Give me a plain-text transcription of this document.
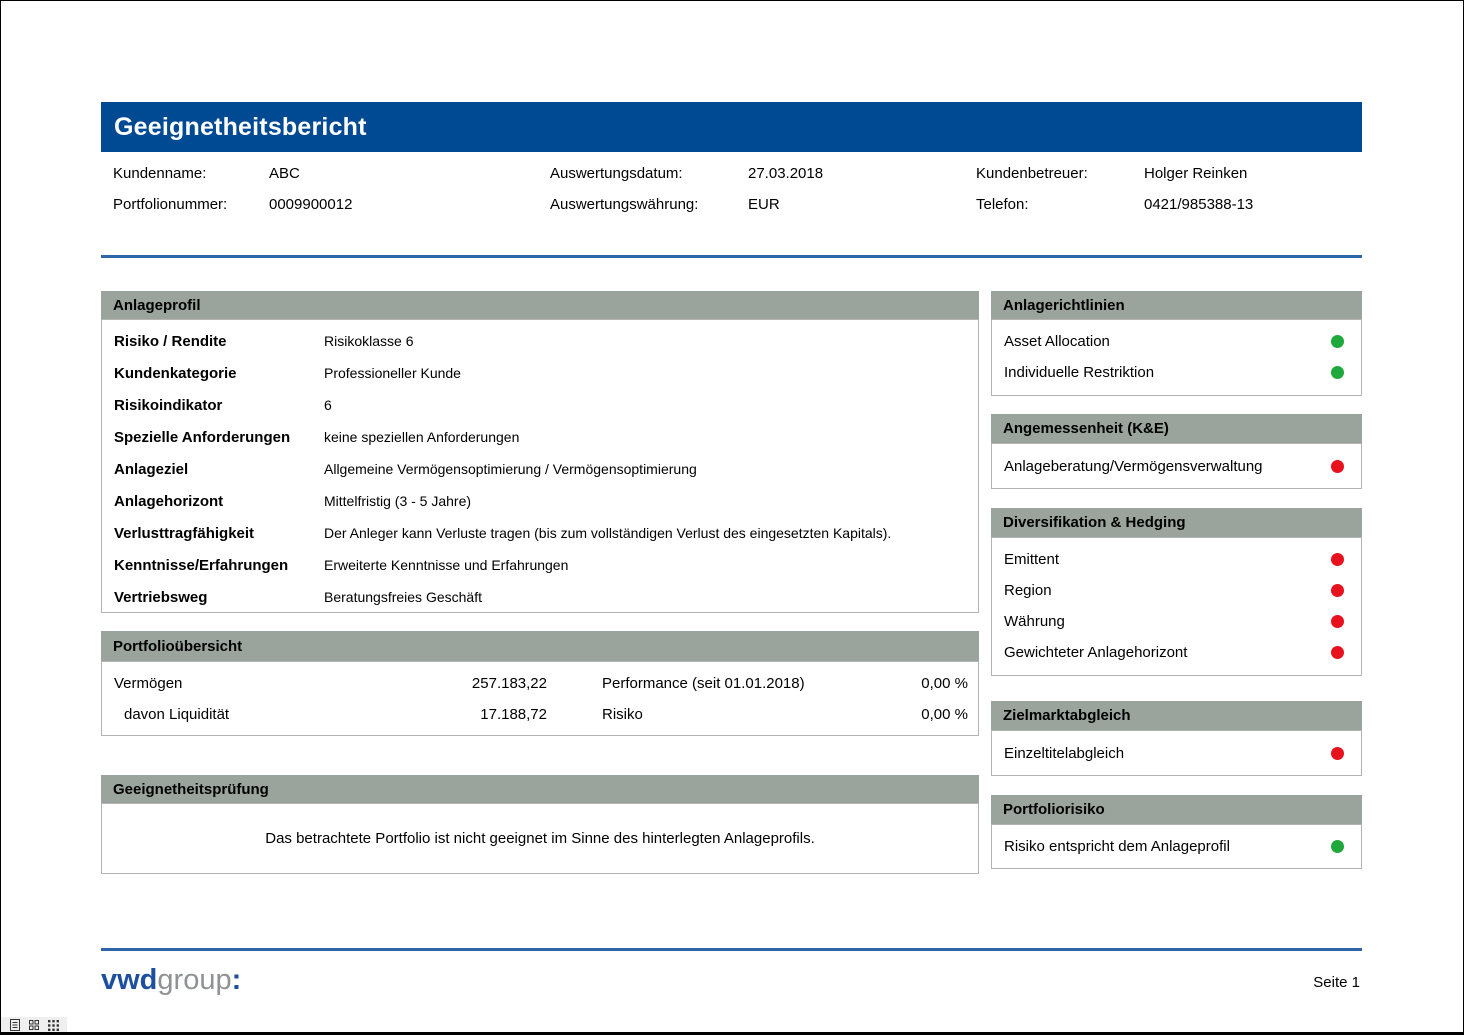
Geeignetheitsbericht
Kundenname:	ABC	Auswertungsdatum:	27.03.2018	Kundenbetreuer:	Holger Reinken
Portfolionummer:	0009900012	Auswertungswährung:	EUR	Telefon:	0421/985388-13
Anlageprofil
Risiko / Rendite	Risikoklasse 6
Kundenkategorie	Professioneller Kunde
Risikoindikator	6
Spezielle Anforderungen	keine speziellen Anforderungen
Anlageziel	Allgemeine Vermögensoptimierung / Vermögensoptimierung
Anlagehorizont	Mittelfristig (3 - 5 Jahre)
Verlusttragfähigkeit	Der Anleger kann Verluste tragen (bis zum vollständigen Verlust des eingesetzten Kapitals).
Kenntnisse/Erfahrungen	Erweiterte Kenntnisse und Erfahrungen
Vertriebsweg	Beratungsfreies Geschäft
Portfolioübersicht
Vermögen	257.183,22	Performance (seit 01.01.2018)	0,00 %
davon Liquidität	17.188,72	Risiko	0,00 %
Geeignetheitsprüfung
Das betrachtete Portfolio ist nicht geeignet im Sinne des hinterlegten Anlageprofils.
Anlagerichtlinien
Asset Allocation
Individuelle Restriktion
Angemessenheit (K&E)
Anlageberatung/Vermögensverwaltung
Diversifikation & Hedging
Emittent
Region
Währung
Gewichteter Anlagehorizont
Zielmarktabgleich
Einzeltitelabgleich
Portfoliorisiko
Risiko entspricht dem Anlageprofil
vwdgroup:	Seite 1
